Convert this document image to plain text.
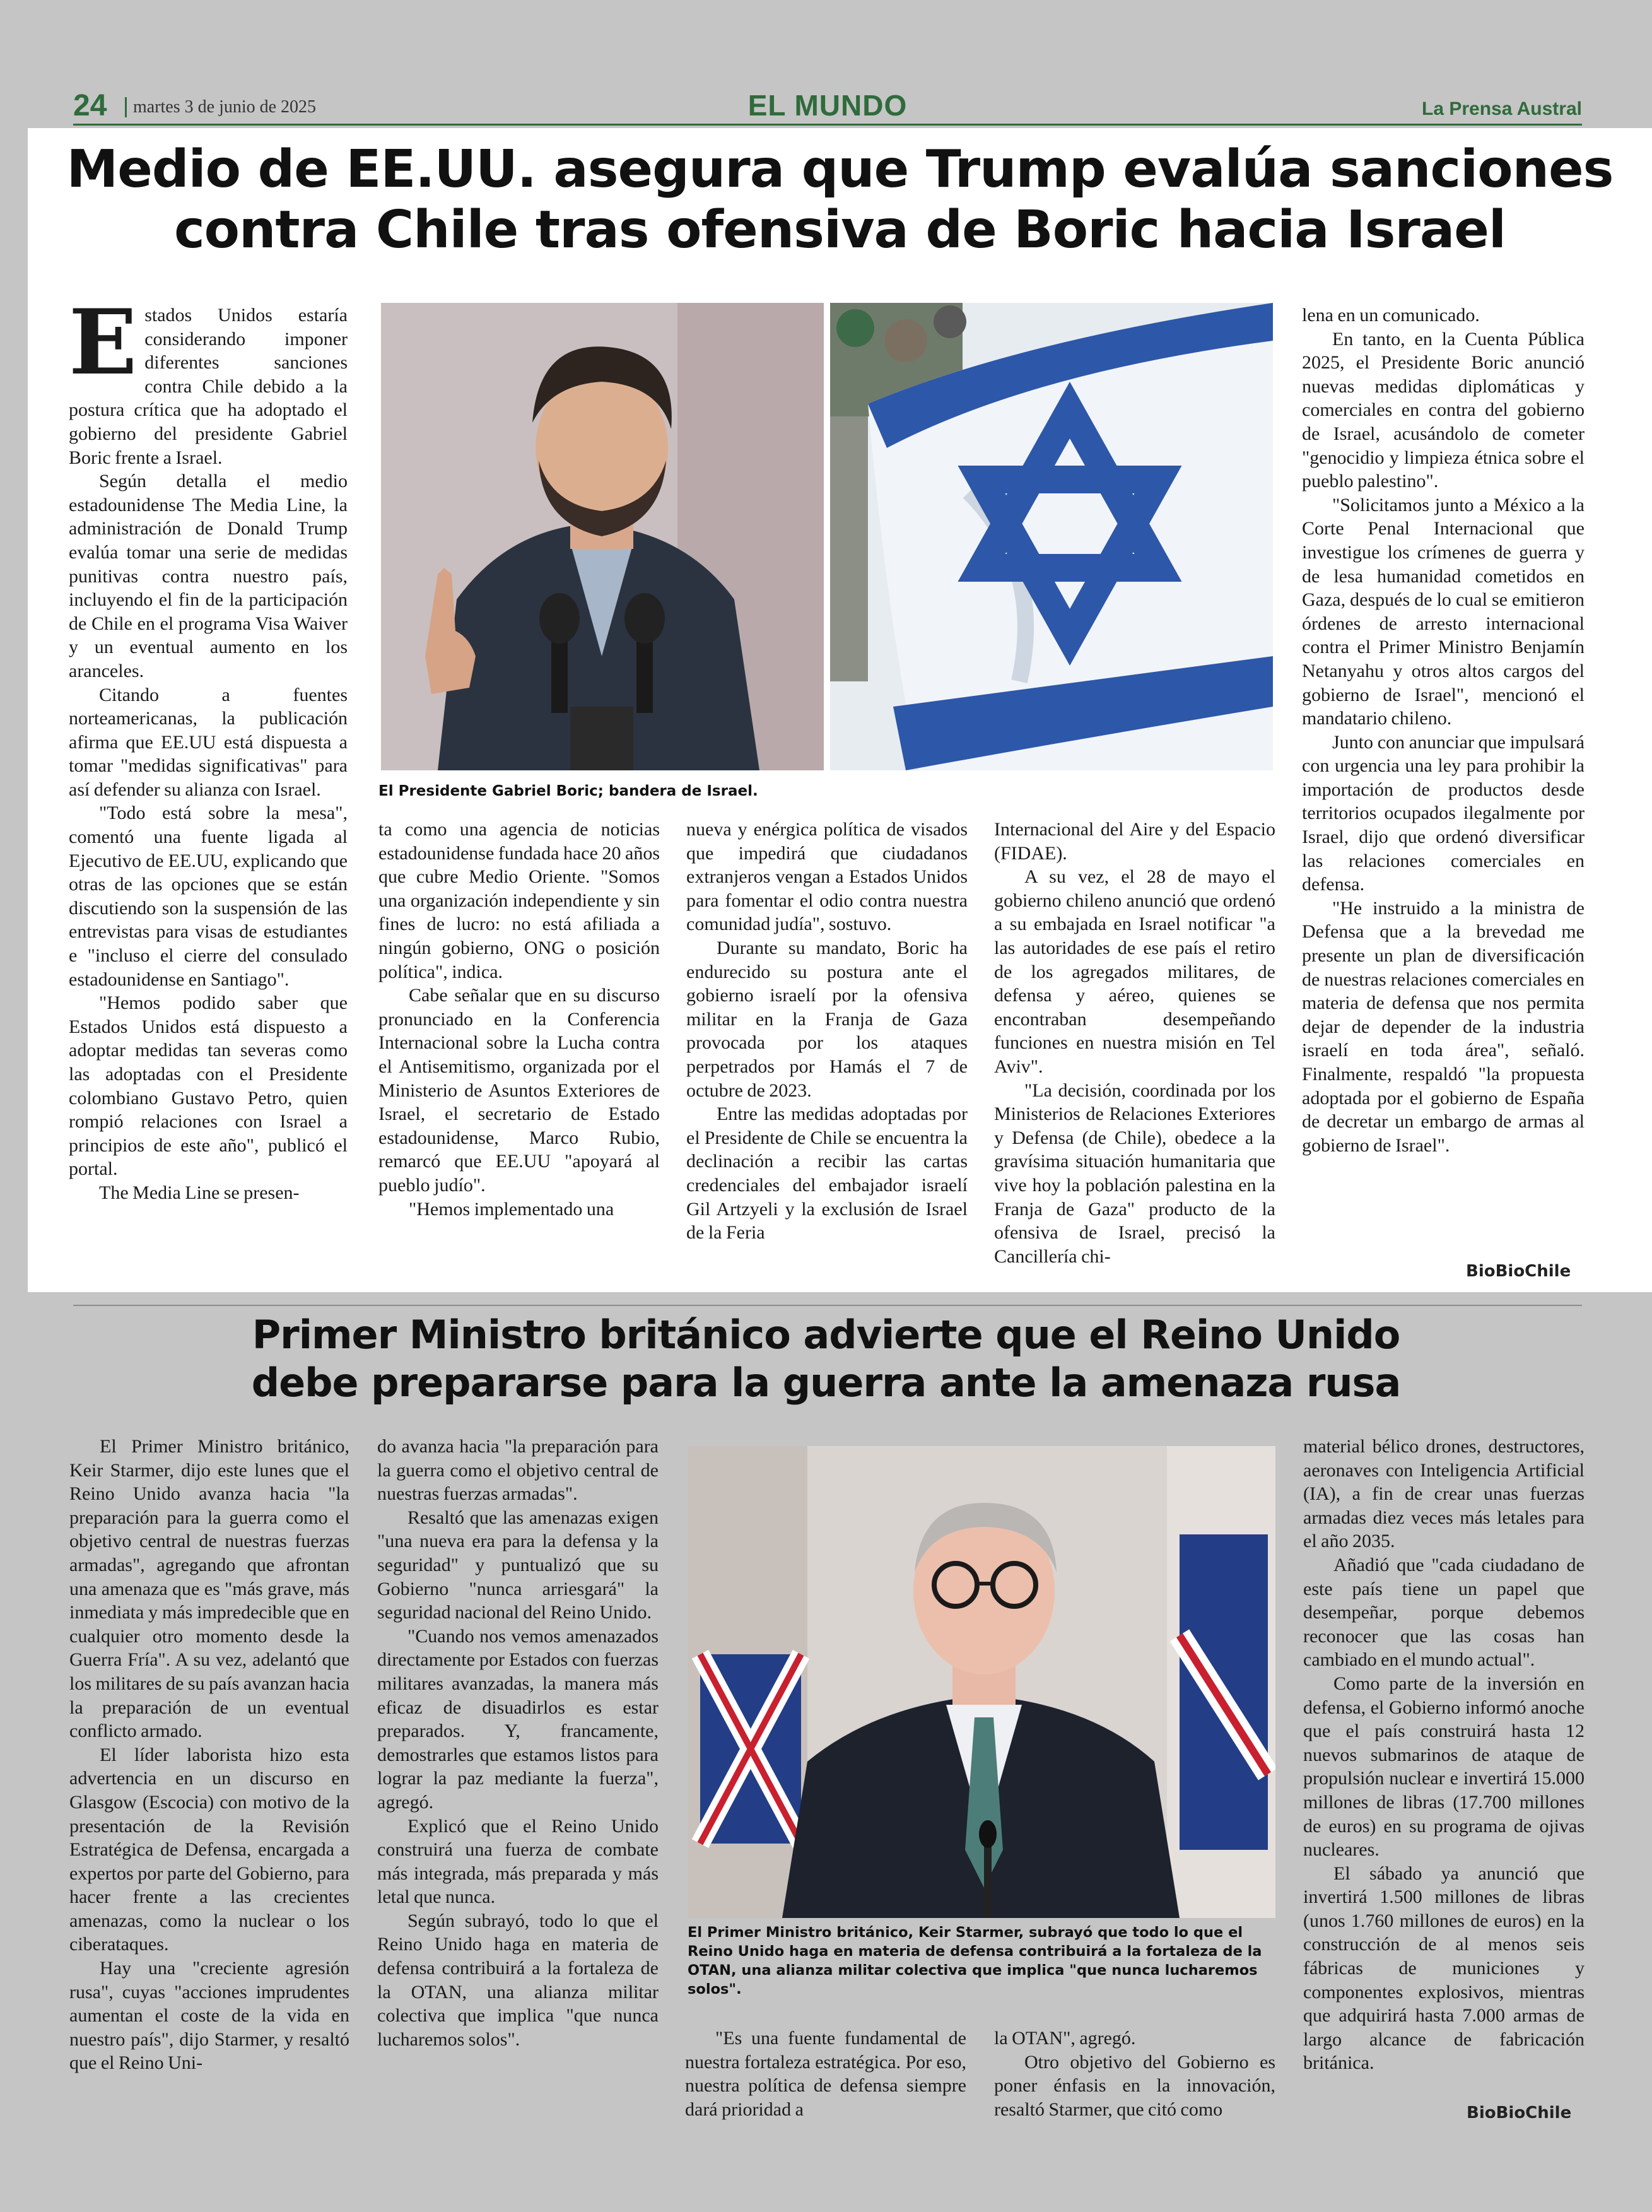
24	martes 3 de junio de 2025	EL MUNDO	La Prensa Austral
Medio de EE.UU. asegura que Trump evalúa sanciones
contra Chile tras ofensiva de Boric hacia Israel

Estados Unidos estaría considerando imponer diferentes sanciones contra Chile debido a la postura crítica que ha adoptado el gobierno del presidente Gabriel Boric frente a Israel.

Según detalla el medio estadounidense The Media Line, la administración de Donald Trump evalúa tomar una serie de medidas punitivas contra nuestro país, incluyendo el fin de la participación de Chile en el programa Visa Waiver y un eventual aumento en los aranceles.

Citando a fuentes norteamericanas, la publicación afirma que EE.UU está dispuesta a tomar "medidas significativas" para así defender su alianza con Israel.

"Todo está sobre la mesa", comentó una fuente ligada al Ejecutivo de EE.UU, explicando que otras de las opciones que se están discutiendo son la suspensión de las entrevistas para visas de estudiantes e "incluso el cierre del consulado estadounidense en Santiago".

"Hemos podido saber que Estados Unidos está dispuesto a adoptar medidas tan severas como las adoptadas con el Presidente colombiano Gustavo Petro, quien rompió relaciones con Israel a principios de este año", publicó el portal.

The Media Line se presen-

El Presidente Gabriel Boric; bandera de Israel.

ta como una agencia de noticias estadounidense fundada hace 20 años que cubre Medio Oriente. "Somos una organización independiente y sin fines de lucro: no está afiliada a ningún gobierno, ONG o posición política", indica.

Cabe señalar que en su discurso pronunciado en la Conferencia Internacional sobre la Lucha contra el Antisemitismo, organizada por el Ministerio de Asuntos Exteriores de Israel, el secretario de Estado estadounidense, Marco Rubio, remarcó que EE.UU "apoyará al pueblo judío".

"Hemos implementado una

nueva y enérgica política de visados que impedirá que ciudadanos extranjeros vengan a Estados Unidos para fomentar el odio contra nuestra comunidad judía", sostuvo.

Durante su mandato, Boric ha endurecido su postura ante el gobierno israelí por la ofensiva militar en la Franja de Gaza provocada por los ataques perpetrados por Hamás el 7 de octubre de 2023.

Entre las medidas adoptadas por el Presidente de Chile se encuentra la declinación a recibir las cartas credenciales del embajador israelí Gil Artzyeli y la exclusión de Israel de la Feria

Internacional del Aire y del Espacio (FIDAE).

A su vez, el 28 de mayo el gobierno chileno anunció que ordenó a su embajada en Israel notificar "a las autoridades de ese país el retiro de los agregados militares, de defensa y aéreo, quienes se encontraban desempeñando funciones en nuestra misión en Tel Aviv".

"La decisión, coordinada por los Ministerios de Relaciones Exteriores y Defensa (de Chile), obedece a la gravísima situación humanitaria que vive hoy la población palestina en la Franja de Gaza" producto de la ofensiva de Israel, precisó la Cancillería chi-

lena en un comunicado.

En tanto, en la Cuenta Pública 2025, el Presidente Boric anunció nuevas medidas diplomáticas y comerciales en contra del gobierno de Israel, acusándolo de cometer "genocidio y limpieza étnica sobre el pueblo palestino".

"Solicitamos junto a México a la Corte Penal Internacional que investigue los crímenes de guerra y de lesa humanidad cometidos en Gaza, después de lo cual se emitieron órdenes de arresto internacional contra el Primer Ministro Benjamín Netanyahu y otros altos cargos del gobierno de Israel", mencionó el mandatario chileno.

Junto con anunciar que impulsará con urgencia una ley para prohibir la importación de productos desde territorios ocupados ilegalmente por Israel, dijo que ordenó diversificar las relaciones comerciales en defensa.

"He instruido a la ministra de Defensa que a la brevedad me presente un plan de diversificación de nuestras relaciones comerciales en materia de defensa que nos permita dejar de depender de la industria israelí en toda área", señaló. Finalmente, respaldó "la propuesta adoptada por el gobierno de España de decretar un embargo de armas al gobierno de Israel".

BioBioChile
Primer Ministro británico advierte que el Reino Unido
debe prepararse para la guerra ante la amenaza rusa

El Primer Ministro británico, Keir Starmer, dijo este lunes que el Reino Unido avanza hacia "la preparación para la guerra como el objetivo central de nuestras fuerzas armadas", agregando que afrontan una amenaza que es "más grave, más inmediata y más impredecible que en cualquier otro momento desde la Guerra Fría". A su vez, adelantó que los militares de su país avanzan hacia la preparación de un eventual conflicto armado.

El líder laborista hizo esta advertencia en un discurso en Glasgow (Escocia) con motivo de la presentación de la Revisión Estratégica de Defensa, encargada a expertos por parte del Gobierno, para hacer frente a las crecientes amenazas, como la nuclear o los ciberataques.

Hay una "creciente agresión rusa", cuyas "acciones imprudentes aumentan el coste de la vida en nuestro país", dijo Starmer, y resaltó que el Reino Uni-

do avanza hacia "la preparación para la guerra como el objetivo central de nuestras fuerzas armadas".

Resaltó que las amenazas exigen "una nueva era para la defensa y la seguridad" y puntualizó que su Gobierno "nunca arriesgará" la seguridad nacional del Reino Unido.

"Cuando nos vemos amenazados directamente por Estados con fuerzas militares avanzadas, la manera más eficaz de disuadirlos es estar preparados. Y, francamente, demostrarles que estamos listos para lograr la paz mediante la fuerza", agregó.

Explicó que el Reino Unido construirá una fuerza de combate más integrada, más preparada y más letal que nunca.

Según subrayó, todo lo que el Reino Unido haga en materia de defensa contribuirá a la fortaleza de la OTAN, una alianza militar colectiva que implica "que nunca lucharemos solos".

El Primer Ministro británico, Keir Starmer, subrayó que todo lo que el Reino Unido haga en materia de defensa contribuirá a la fortaleza de la OTAN, una alianza militar colectiva que implica "que nunca lucharemos solos".

"Es una fuente fundamental de nuestra fortaleza estratégica. Por eso, nuestra política de defensa siempre dará prioridad a

la OTAN", agregó.

Otro objetivo del Gobierno es poner énfasis en la innovación, resaltó Starmer, que citó como

material bélico drones, destructores, aeronaves con Inteligencia Artificial (IA), a fin de crear unas fuerzas armadas diez veces más letales para el año 2035.

Añadió que "cada ciudadano de este país tiene un papel que desempeñar, porque debemos reconocer que las cosas han cambiado en el mundo actual".

Como parte de la inversión en defensa, el Gobierno informó anoche que el país construirá hasta 12 nuevos submarinos de ataque de propulsión nuclear e invertirá 15.000 millones de libras (17.700 millones de euros) en su programa de ojivas nucleares.

El sábado ya anunció que invertirá 1.500 millones de libras (unos 1.760 millones de euros) en la construcción de al menos seis fábricas de municiones y componentes explosivos, mientras que adquirirá hasta 7.000 armas de largo alcance de fabricación británica.

BioBioChile
